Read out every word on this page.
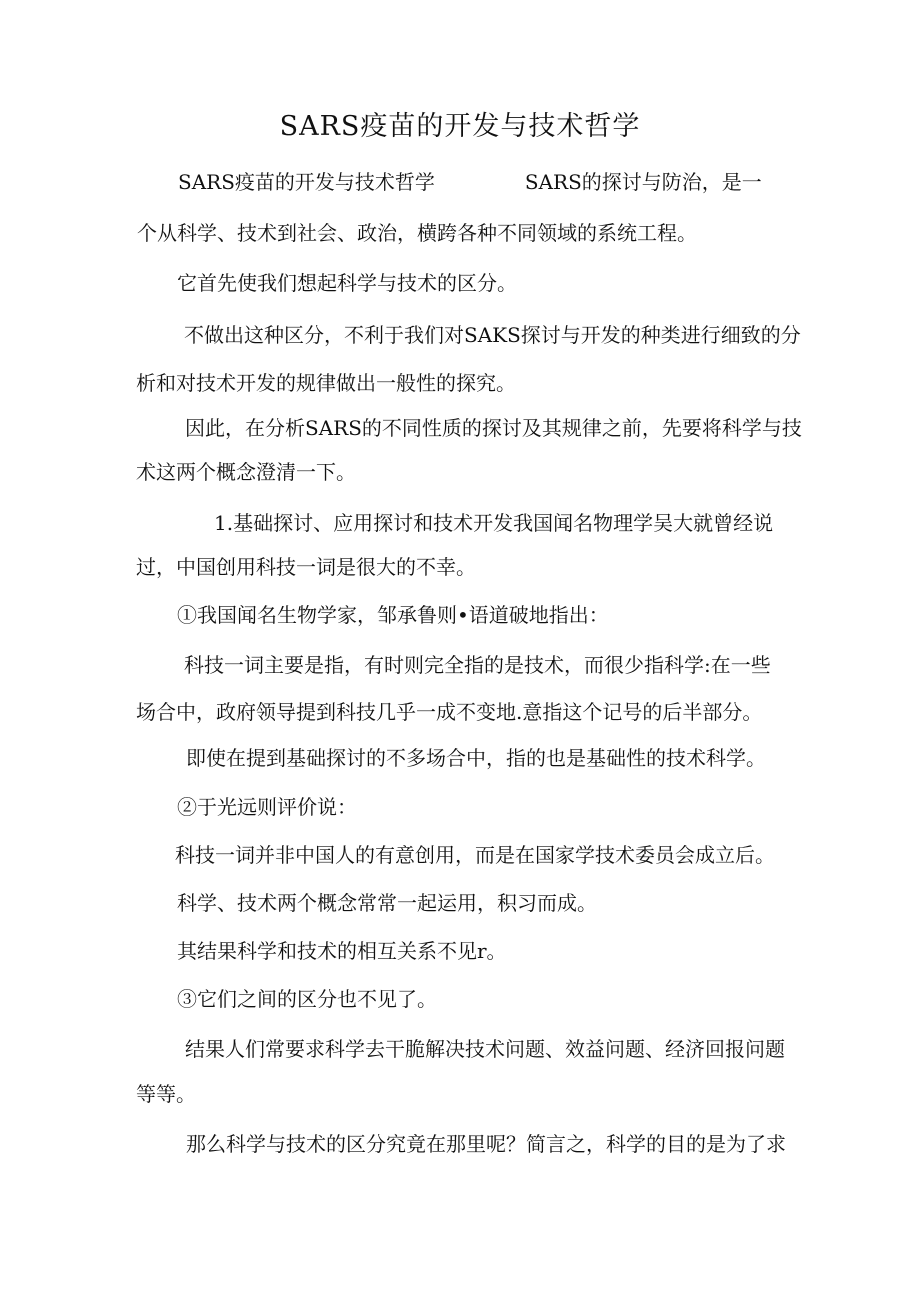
SARS疫苗的开发与技术哲学

SARS疫苗的开发与技术哲学	SARS的探讨与防治，是一

个从科学、技术到社会、政治，横跨各种不同领域的系统工程。

它首先使我们想起科学与技术的区分。

不做出这种区分，不利于我们对SAKS探讨与开发的种类进行细致的分

析和对技术开发的规律做出一般性的探究。

因此，在分析SARS的不同性质的探讨及其规律之前，先要将科学与技

术这两个概念澄清一下。

1.基础探讨、应用探讨和技术开发我国闻名物理学吴大就曾经说

过，中国创用科技一词是很大的不幸。

①我国闻名生物学家，邹承鲁则•语道破地指出：

科技一词主要是指，有时则完全指的是技术，而很少指科学:在一些

场合中，政府领导提到科技几乎一成不变地.意指这个记号的后半部分。

即使在提到基础探讨的不多场合中，指的也是基础性的技术科学。

②于光远则评价说：

科技一词并非中国人的有意创用，而是在国家学技术委员会成立后。

科学、技术两个概念常常一起运用，积习而成。

其结果科学和技术的相互关系不见r。

③它们之间的区分也不见了。

结果人们常要求科学去干脆解决技术问题、效益问题、经济回报问题

等等。

那么科学与技术的区分究竟在那里呢？简言之，科学的目的是为了求
